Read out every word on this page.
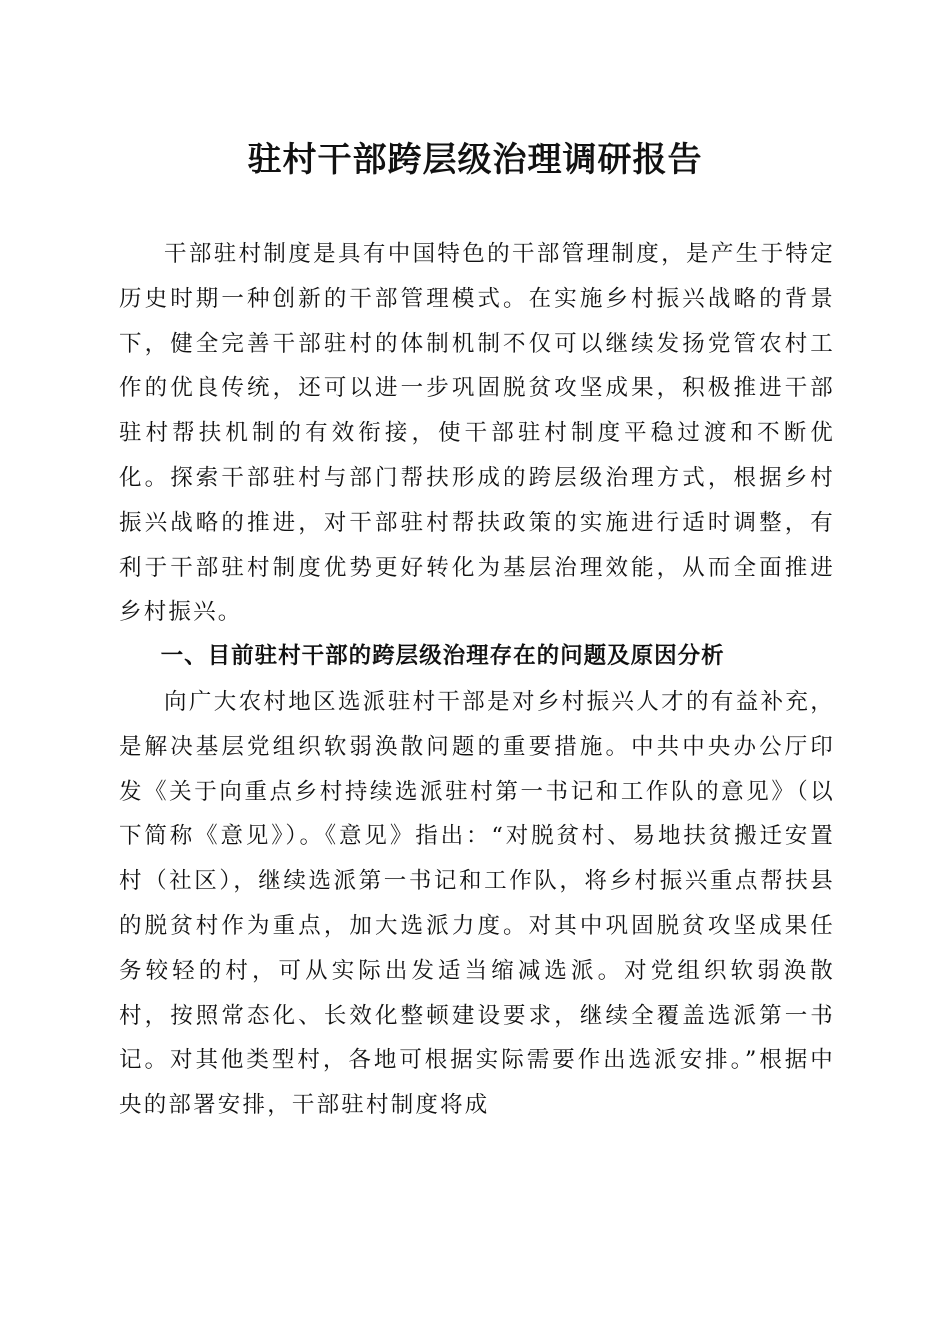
驻村干部跨层级治理调研报告

干部驻村制度是具有中国特色的干部管理制度，是产生于特定历史时期一种创新的干部管理模式。在实施乡村振兴战略的背景下，健全完善干部驻村的体制机制不仅可以继续发扬党管农村工作的优良传统，还可以进一步巩固脱贫攻坚成果，积极推进干部驻村帮扶机制的有效衔接，使干部驻村制度平稳过渡和不断优化。探索干部驻村与部门帮扶形成的跨层级治理方式，根据乡村振兴战略的推进，对干部驻村帮扶政策的实施进行适时调整，有利于干部驻村制度优势更好转化为基层治理效能，从而全面推进乡村振兴。

一、目前驻村干部的跨层级治理存在的问题及原因分析

向广大农村地区选派驻村干部是对乡村振兴人才的有益补充，是解决基层党组织软弱涣散问题的重要措施。中共中央办公厅印发《关于向重点乡村持续选派驻村第一书记和工作队的意见》（以下简称《意见》）。《意见》指出：“对脱贫村、易地扶贫搬迁安置村（社区），继续选派第一书记和工作队，将乡村振兴重点帮扶县的脱贫村作为重点，加大选派力度。对其中巩固脱贫攻坚成果任务较轻的村，可从实际出发适当缩减选派。对党组织软弱涣散村，按照常态化、长效化整顿建设要求，继续全覆盖选派第一书记。对其他类型村，各地可根据实际需要作出选派安排。”根据中央的部署安排，干部驻村制度将成
